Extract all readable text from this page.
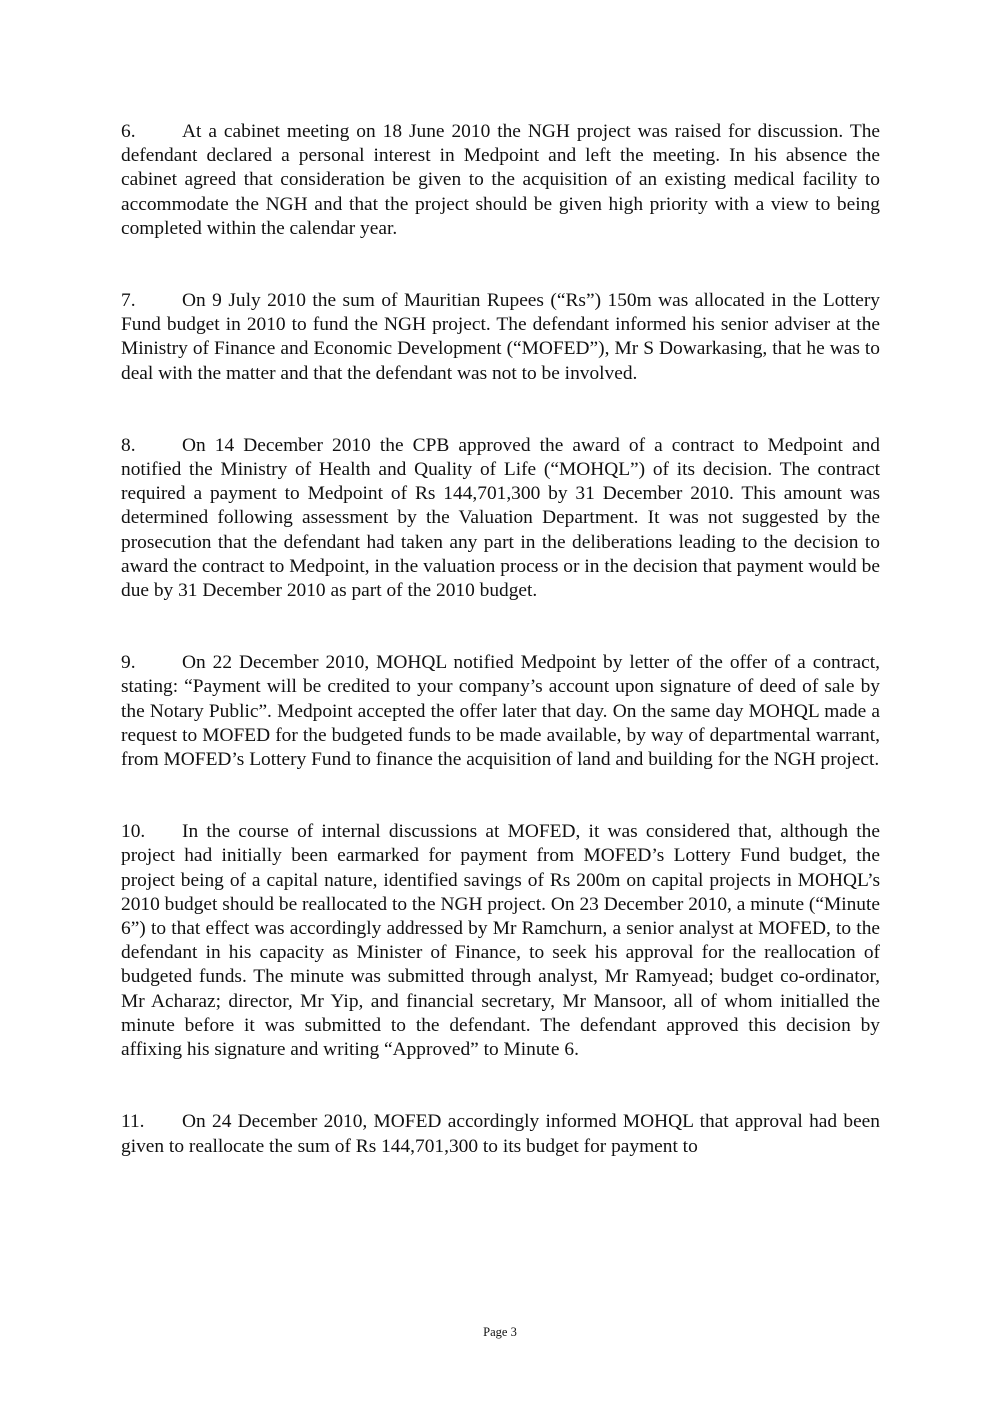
6. At a cabinet meeting on 18 June 2010 the NGH project was raised for discussion. The defendant declared a personal interest in Medpoint and left the meeting. In his absence the cabinet agreed that consideration be given to the acquisition of an existing medical facility to accommodate the NGH and that the project should be given high priority with a view to being completed within the calendar year.

7. On 9 July 2010 the sum of Mauritian Rupees (“Rs”) 150m was allocated in the Lottery Fund budget in 2010 to fund the NGH project. The defendant informed his senior adviser at the Ministry of Finance and Economic Development (“MOFED”), Mr S Dowarkasing, that he was to deal with the matter and that the defendant was not to be involved.

8. On 14 December 2010 the CPB approved the award of a contract to Medpoint and notified the Ministry of Health and Quality of Life (“MOHQL”) of its decision. The contract required a payment to Medpoint of Rs 144,701,300 by 31 December 2010. This amount was determined following assessment by the Valuation Department. It was not suggested by the prosecution that the defendant had taken any part in the deliberations leading to the decision to award the contract to Medpoint, in the valuation process or in the decision that payment would be due by 31 December 2010 as part of the 2010 budget.

9. On 22 December 2010, MOHQL notified Medpoint by letter of the offer of a contract, stating: “Payment will be credited to your company’s account upon signature of deed of sale by the Notary Public”. Medpoint accepted the offer later that day. On the same day MOHQL made a request to MOFED for the budgeted funds to be made available, by way of departmental warrant, from MOFED’s Lottery Fund to finance the acquisition of land and building for the NGH project.

10. In the course of internal discussions at MOFED, it was considered that, although the project had initially been earmarked for payment from MOFED’s Lottery Fund budget, the project being of a capital nature, identified savings of Rs 200m on capital projects in MOHQL’s 2010 budget should be reallocated to the NGH project. On 23 December 2010, a minute (“Minute 6”) to that effect was accordingly addressed by Mr Ramchurn, a senior analyst at MOFED, to the defendant in his capacity as Minister of Finance, to seek his approval for the reallocation of budgeted funds. The minute was submitted through analyst, Mr Ramyead; budget co-ordinator, Mr Acharaz; director, Mr Yip, and financial secretary, Mr Mansoor, all of whom initialled the minute before it was submitted to the defendant. The defendant approved this decision by affixing his signature and writing “Approved” to Minute 6.

11. On 24 December 2010, MOFED accordingly informed MOHQL that approval had been given to reallocate the sum of Rs 144,701,300 to its budget for payment to

Page 3
